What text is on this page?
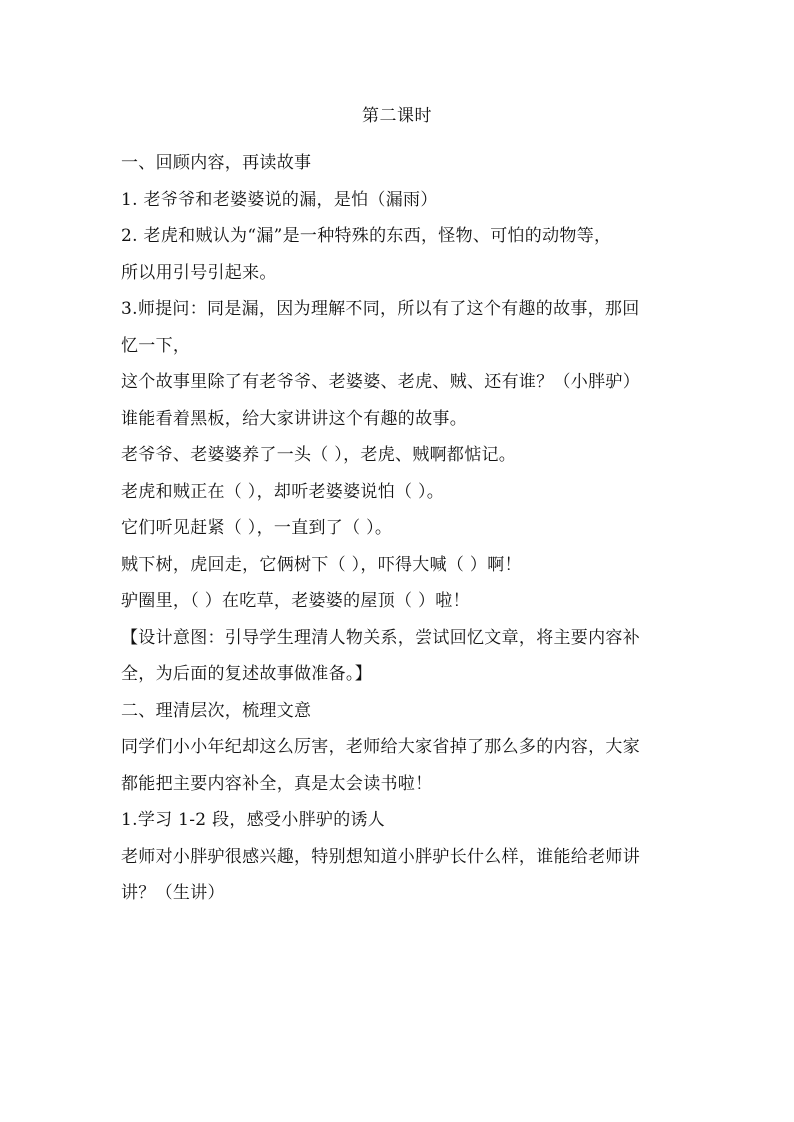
第二课时
一、回顾内容，再读故事
1. 老爷爷和老婆婆说的漏，是怕（漏雨）
2. 老虎和贼认为“漏”是一种特殊的东西，怪物、可怕的动物等，
所以用引号引起来。
3.师提问：同是漏，因为理解不同，所以有了这个有趣的故事，那回
忆一下，
这个故事里除了有老爷爷、老婆婆、老虎、贼、还有谁？（小胖驴）
谁能看着黑板，给大家讲讲这个有趣的故事。
老爷爷、老婆婆养了一头（ ），老虎、贼啊都惦记。
老虎和贼正在（ ），却听老婆婆说怕（ ）。
它们听见赶紧（ ），一直到了（ ）。
贼下树，虎回走，它俩树下（ ），吓得大喊（ ）啊！
驴圈里，（ ）在吃草，老婆婆的屋顶（ ）啦！
【设计意图：引导学生理清人物关系，尝试回忆文章，将主要内容补
全，为后面的复述故事做准备。】
二、理清层次，梳理文意
同学们小小年纪却这么厉害，老师给大家省掉了那么多的内容，大家
都能把主要内容补全，真是太会读书啦！
1.学习 1-2 段，感受小胖驴的诱人
老师对小胖驴很感兴趣，特别想知道小胖驴长什么样，谁能给老师讲
讲？（生讲）
